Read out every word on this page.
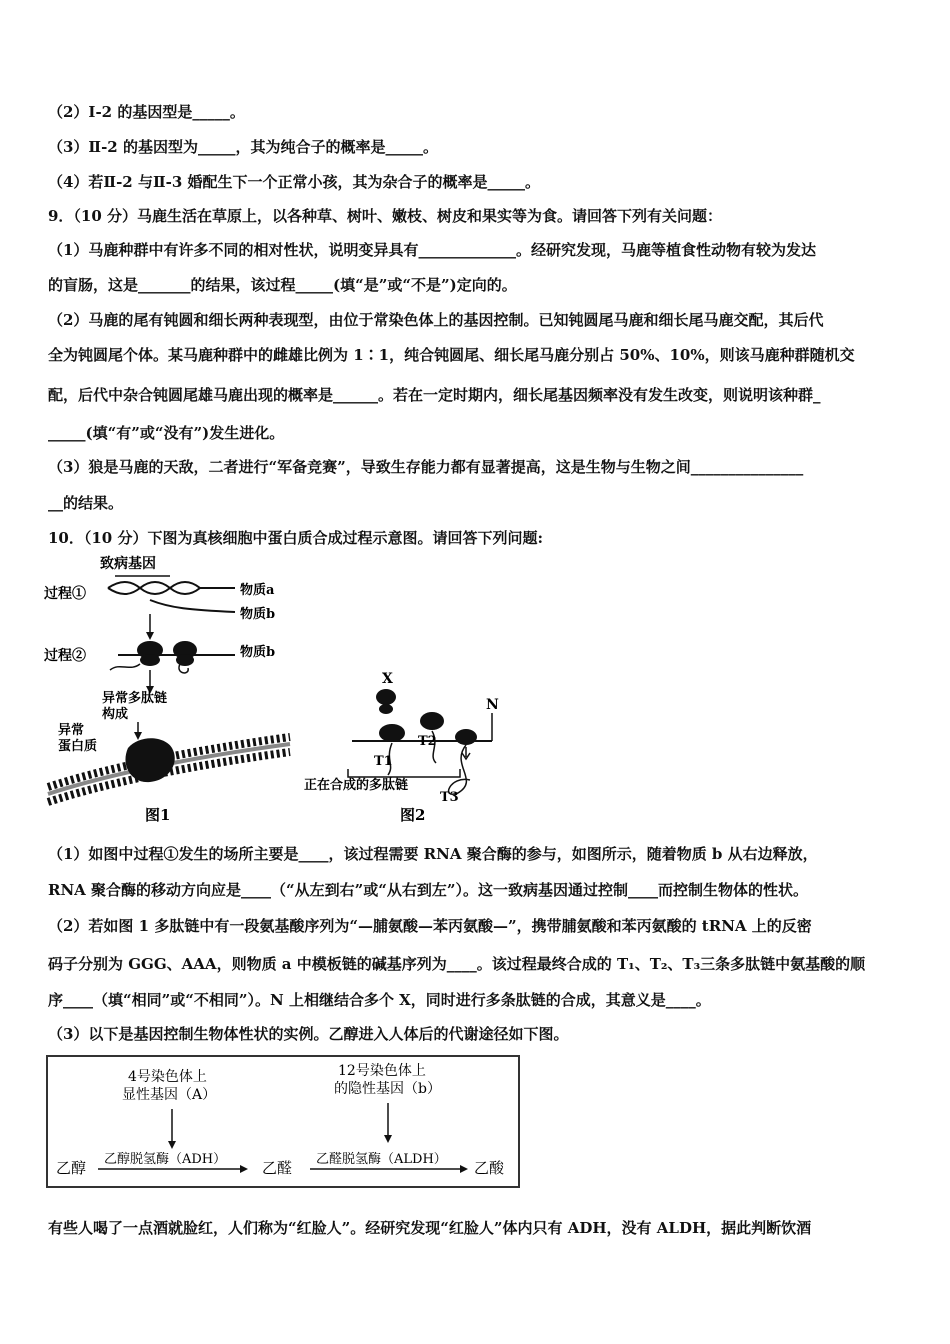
（2）Ⅰ-2 的基因型是_____。
（3）Ⅱ-2 的基因型为_____，其为纯合子的概率是_____。
（4）若Ⅱ-2 与Ⅱ-3 婚配生下一个正常小孩，其为杂合子的概率是_____。
9．（10 分）马鹿生活在草原上，以各种草、树叶、嫩枝、树皮和果实等为食。请回答下列有关问题：
（1）马鹿种群中有许多不同的相对性状，说明变异具有_____________。经研究发现，马鹿等植食性动物有较为发达
的盲肠，这是_______的结果，该过程_____(填“是”或“不是”)定向的。
（2）马鹿的尾有钝圆和细长两种表现型，由位于常染色体上的基因控制。已知钝圆尾马鹿和细长尾马鹿交配，其后代
全为钝圆尾个体。某马鹿种群中的雌雄比例为 1∶1，纯合钝圆尾、细长尾马鹿分别占 50%、10%，则该马鹿种群随机交
配，后代中杂合钝圆尾雄马鹿出现的概率是______。若在一定时期内，细长尾基因频率没有发生改变，则说明该种群_
_____(填“有”或“没有”)发生进化。
（3）狼是马鹿的天敌，二者进行“军备竞赛”，导致生存能力都有显著提高，这是生物与生物之间_______________
__的结果。
10．（10 分）下图为真核细胞中蛋白质合成过程示意图。请回答下列问题:
致病基因
过程①	物质a
物质b
过程②	物质b
异常多肽链
构成
异常
蛋白质
图1
X
N
T1
T2
T3
正在合成的多肽链
图2
（1）如图中过程①发生的场所主要是____，该过程需要 RNA 聚合酶的参与，如图所示，随着物质 b 从右边释放，
RNA 聚合酶的移动方向应是____（“从左到右”或“从右到左”）。这一致病基因通过控制____而控制生物体的性状。
（2）若如图 1 多肽链中有一段氨基酸序列为“—脯氨酸—苯丙氨酸—”，携带脯氨酸和苯丙氨酸的 tRNA 上的反密
码子分别为 GGG、AAA，则物质 a 中模板链的碱基序列为____。该过程最终合成的 T₁、T₂、T₃三条多肽链中氨基酸的顺
序____（填“相同”或“不相同”）。N 上相继结合多个 X，同时进行多条肽链的合成，其意义是____。
（3）以下是基因控制生物体性状的实例。乙醇进入人体后的代谢途径如下图。
4号染色体上
显性基因（A）
12号染色体上
的隐性基因（b）
乙醇 乙醇脱氢酶（ADH） 乙醛 乙醛脱氢酶（ALDH） 乙酸
有些人喝了一点酒就脸红，人们称为“红脸人”。经研究发现“红脸人”体内只有 ADH，没有 ALDH，据此判断饮酒
